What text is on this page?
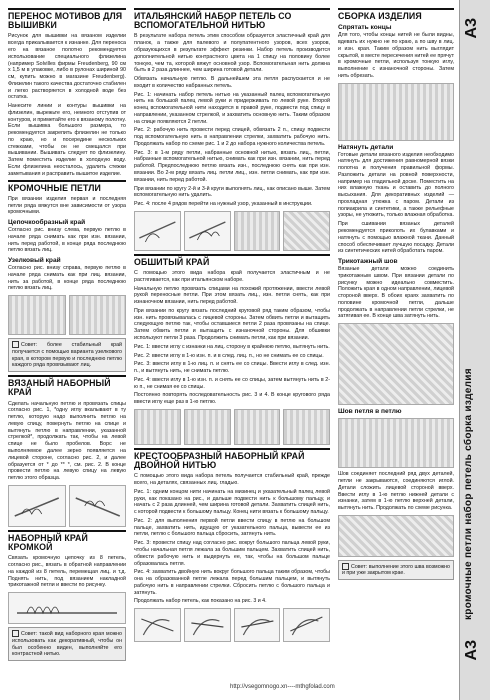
ПЕРЕНОС МОТИВОВ ДЛЯ ВЫШИВКИ

Рисунок для вышивки на вязаном изделии всегда прикалывается к изнанке. Для переноса его на вязаное полотно рекомендуется использование специального флизелина (например Solvilles фирмы Freudenberg, 90 см x 1,5 м в упаковке, либо в рулонах шириной 90 см, купить можно в магазине Freudenberg). Флизелин такого качества достаточно стабилен и легко растворяется в холодной воде без остатка.

Нанесите линии и контуры вышивки на флизелин, вырежьте его, немного отступив от контуров, и приметайте его к вязаному полотну. Если вышивка большого размера, то рекомендуется закрепить флизелин не только по краю, но и посередине нескольких стежками, чтобы он не смещался при вышивании. Вышивать следует по флизелину. Затем поместить изделие в холодную воду. Если флизелина неосталось, удалить стежки заметывания и расправить вышитое изделие.

КРОМОЧНЫЕ ПЕТЛИ

При вязании изделия первая и последняя петли ряда вяжутся вне зависимости от узора кромочными.

Цепочкообразный край

Согласно рис. внизу слева, первую петлю в начале ряда снимать как при изн. вязании, нить перед работой, в конце ряда последнюю петлю вязать лиц.

Узелковый край

Согласно рис. внизу справа, первую петлю в начале ряда снимать как при лиц. вязании, нить за работой, в конце ряда последнюю петлю вязать лиц.

Совет: более стабильный край получается с помощью варианта узелкового края, в котором первую и последнюю петлю каждого ряда провязывают лиц.

ВЯЗАНЫЙ НАБОРНЫЙ КРАЙ

Сделать начальную петлю и провязать спицы согласно рис. 1, *одну иглу вкалывают в ту петлю, которую надо выполнить петлю на левую спицу, повернуть петлю на спице и вытянуть петлю в направлении, указанной стрелкой*, продолжать так, чтобы на левой спице не было пробелов. Ворс не выполняемое далее зерно появляется на лицевой стороне, согласно рис. 2, и далее образуется от * до ** *, см. рис. 2. В конце провести петлю на левую спицу на левую петлю этого образца.

НАБОРНЫЙ КРАЙ КРОМКОЙ

Связать кромочную цепочку из 8 петель, согласно рис., вязать в обратной направлении на каждой из 8 петель, перемещая лиц. и т.д. Поднять нить, под вязанием накладной трикотажной петли и ввести по рисунку.

Совет: такой вид наборного края можно использовать как декоративный, чтобы он был особенно виден, выполняйте его контрастной нитью.

ИТАЛЬЯНСКИЙ НАБОР ПЕТЕЛЬ СО ВСПОМОГАТЕЛЬНОЙ НИТЬЮ

В результате набора петель этим способом образуется эластичный край для планок, а также для палевого и полупатентного узоров, всех узоров, образующихся в результате эффект резинки. Набор петель производится дополнительной нитью контрастного цвета на 1 спицу на половину более тонкую, чем та, которой вяжут основной узор. Вспомогательная нить должна быть в 2 раза длиннее, чем ширина готовой детали.

Обвязать начальную петлю. В дальнейшем эта петля распускается и не входит в количество набранных петель.

Рис. 1: начинать набор петель нитью на указанный палец вспомогательную нить на большой палец левой руки и придерживать по левой руке. Второй конец вспомогательной нити находится в правой руке, подвести под спицу в направлении, указанном стрелкой, и захватить основную нить. Таким образом на спице появляются 2 петли.

Рис. 2: рабочую нить провести перед спицей, обвязать 2 п., спицу подвести под вспомогательную нить в направлении стрелки, захватить рабочую нить. Продолжать набор по схеме рис. 1 и 2 до набора нужного количества петель.

Рис. 3: в 1-м ряду петли, набранные основной нитью, вязать лиц., петли, набранные вспомогательной нитью, снимать как при изн. вязании, нить перед работой. Предпоследнюю петлю вязать изн., последнюю снять как при изн. вязании. Во 2-м ряду вязать лиц. петли лиц., изн. петли снимать, как при изн. вязании, нить перед работой.

При вязании по кругу 2-й и 3-й круги выполнять лиц., как описано выше. Затем вспомогательную нить удалить.

Рис. 4: после 4 рядов перейти на нужный узор, указанный в инструкции.

ОБШИТЫЙ КРАЙ

С помощью этого вида набора край получается эластичным и не растягивается, как при итальянском наборе.

Начальную петлю провязать спицами на похожий протяжении, ввести левой рукой переносные петли. При этом вязать лиц., изн. петли снять, как при изнаночном вязании, нить перед работой.

При вязании по кругу вязать последний круговой ряд таким образом, чтобы изн. нить провязывалась с лицевой стороны. Затем обвить петли и вытащить следующую петлю так, чтобы оставшиеся петли 2 раза провязаны на спице. Затем обвить петли и вытащить с изнаночной стороны. Для обшивки используют петли 3 раза. Продолжить снимать петли, как при вязании.

Рис. 1: ввести иглу с изнанки на лиц. сторону в крайнюю петлю, вытянуть нить.

Рис. 2: ввести иглу в 1-ю изн. п. и в след. лиц. п., но не снимать ее со спицы.

Рис. 3: ввести иглу в 1-ю лиц. п. и снять ее со спицы. Ввести иглу в след. изн. п., и вытянуть нить, не снимать петлю.

Рис. 4: ввести иглу в 1-ю изн. п. и снять ее со спицы, затем вытянуть нить в 2-ю п., не снимая ее со спицы.

Постоянно повторять последовательность рис. 3 и 4. В конце кругового ряда ввести иглу еще раз в 1-ю петлю.

КРЕСТООБРАЗНЫЙ НАБОРНЫЙ КРАЙ ДВОЙНОЙ НИТЬЮ

С помощью этого вида набора петель получается стабильный край, прежде всего, на деталях, связанных лиц. гладью.

Рис. 1: одним концом нити начинать на мизинец и указательный палец левой руки, как показано на рис., и дальше подвести нить к большому пальцу, и начать с 2 раза длинней, чем ширина готовой детали. Захватить спицей нить, с которой подвести к большому пальцу. Конец нити вязать к большому пальцу.

Рис. 2: для выполнения первой петли ввести спицу в петлю на большом пальце, захватить нить, идущую от указательного пальца, вывести ее из петли, петлю с большого пальца сбросить, затянуть нить.

Рис. 3: провести спицу над согласно рис. вокруг большого пальца левой руки, чтобы начальная петля лежала за большим пальцем. Захватить спицей нить, обвести рабочую нить и выдернуть ее, так, чтобы на большом пальце образовалась петля.

Рис. 4: захватить двойную нить вокруг большого пальца таким образом, чтобы она на образованной петле лежала перед большим пальцем, и вытянуть рабочую нить в направлении стрелки. Сбросить петлю с большого пальца и затянуть.

Продолжать набор петель, как показано на рис. 3 и 4.

СБОРКА ИЗДЕЛИЯ
Спрятать концы

Для того, чтобы концы нитей не были видны, вдевать их нужно не по краю, а по шву в лиц. и изн. края. Таким образом нить выглядит скрытой, в месте пересечения нитей ее прячут в кромочные петли, используя тонкую иглу, выполнение с изнаночной стороны. Затем нить обрезать.

Натянуть детали

Готовые детали вязаного изделия необходимо натянуть для достижения равномерной вязки полотна и получения правильной формы. Разложить детали на ровной поверхности, например на гладильной доске. Поместить на них влажную ткань и оставить до полного высыхания. Для декоративных изделий — прохладная утюжка с паром. Детали из полиакрила и синтетики, а также рельефные узоры, не утюжить, только влажная обработка.

При сшивании вязаных деталей рекомендуется приколоть их булавками и натянуть с помощью влажной ткани. Данный способ обеспечивает лучшую посадку. Детали из синтетических нитей обработать паром.

Трикотажный шов

Вязаные детали можно соединить трикотажным швом. При вязании детали по рисунку можно идеально совместить. Положить края в одном направлении, лицевой стороной вверх. В обоих краях захватить по половине кромочной петли, дальше продолжать в направлении петли стрелки, не затягивая ее. В конце шва затянуть нить.

Шов петля в петлю

Шов соединяет последний ряд двух деталей, петли не закрываются, соединяются иглой. Детали сложить лицевой стороной вверх. Ввести иглу в 1-ю петлю нижней детали с изнанки, затем в 1-ю петлю верхней детали, вытянуть нить. Продолжать по схеме рисунка.

Совет: выполнение этого шва возможно и при уже закрытом крае.

A3
кромочные петли набор петель сборка изделия
A3
http://vsegomnogo.xn----mthgfolad.com
